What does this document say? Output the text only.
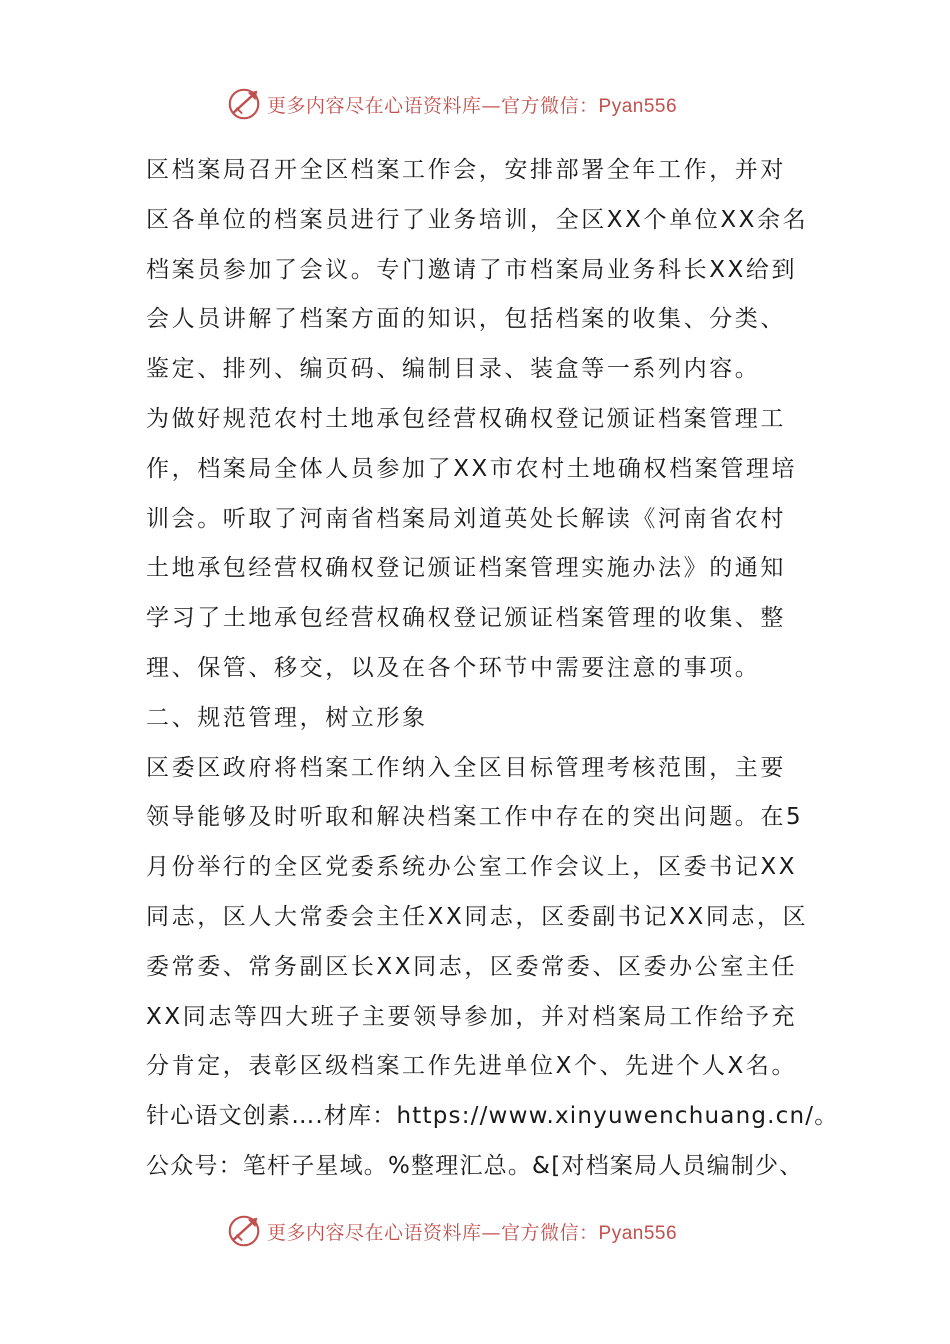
更多内容尽在心语资料库—官方微信：Pyan556
区档案局召开全区档案工作会，安排部署全年工作，并对
区各单位的档案员进行了业务培训，全区XX个单位XX余名
档案员参加了会议。专门邀请了市档案局业务科长XX给到
会人员讲解了档案方面的知识，包括档案的收集、分类、
鉴定、排列、编页码、编制目录、装盒等一系列内容。
为做好规范农村土地承包经营权确权登记颁证档案管理工
作，档案局全体人员参加了XX市农村土地确权档案管理培
训会。听取了河南省档案局刘道英处长解读《河南省农村
土地承包经营权确权登记颁证档案管理实施办法》的通知
学习了土地承包经营权确权登记颁证档案管理的收集、整
理、保管、移交，以及在各个环节中需要注意的事项。
二、规范管理，树立形象
区委区政府将档案工作纳入全区目标管理考核范围，主要
领导能够及时听取和解决档案工作中存在的突出问题。在5
月份举行的全区党委系统办公室工作会议上，区委书记XX
同志，区人大常委会主任XX同志，区委副书记XX同志，区
委常委、常务副区长XX同志，区委常委、区委办公室主任
XX同志等四大班子主要领导参加，并对档案局工作给予充
分肯定，表彰区级档案工作先进单位X个、先进个人X名。
针心语文创素….材库：https://www.xinyuwenchuang.cn/。
公众号：笔杆子星域。%整理汇总。&[对档案局人员编制少、
更多内容尽在心语资料库—官方微信：Pyan556
